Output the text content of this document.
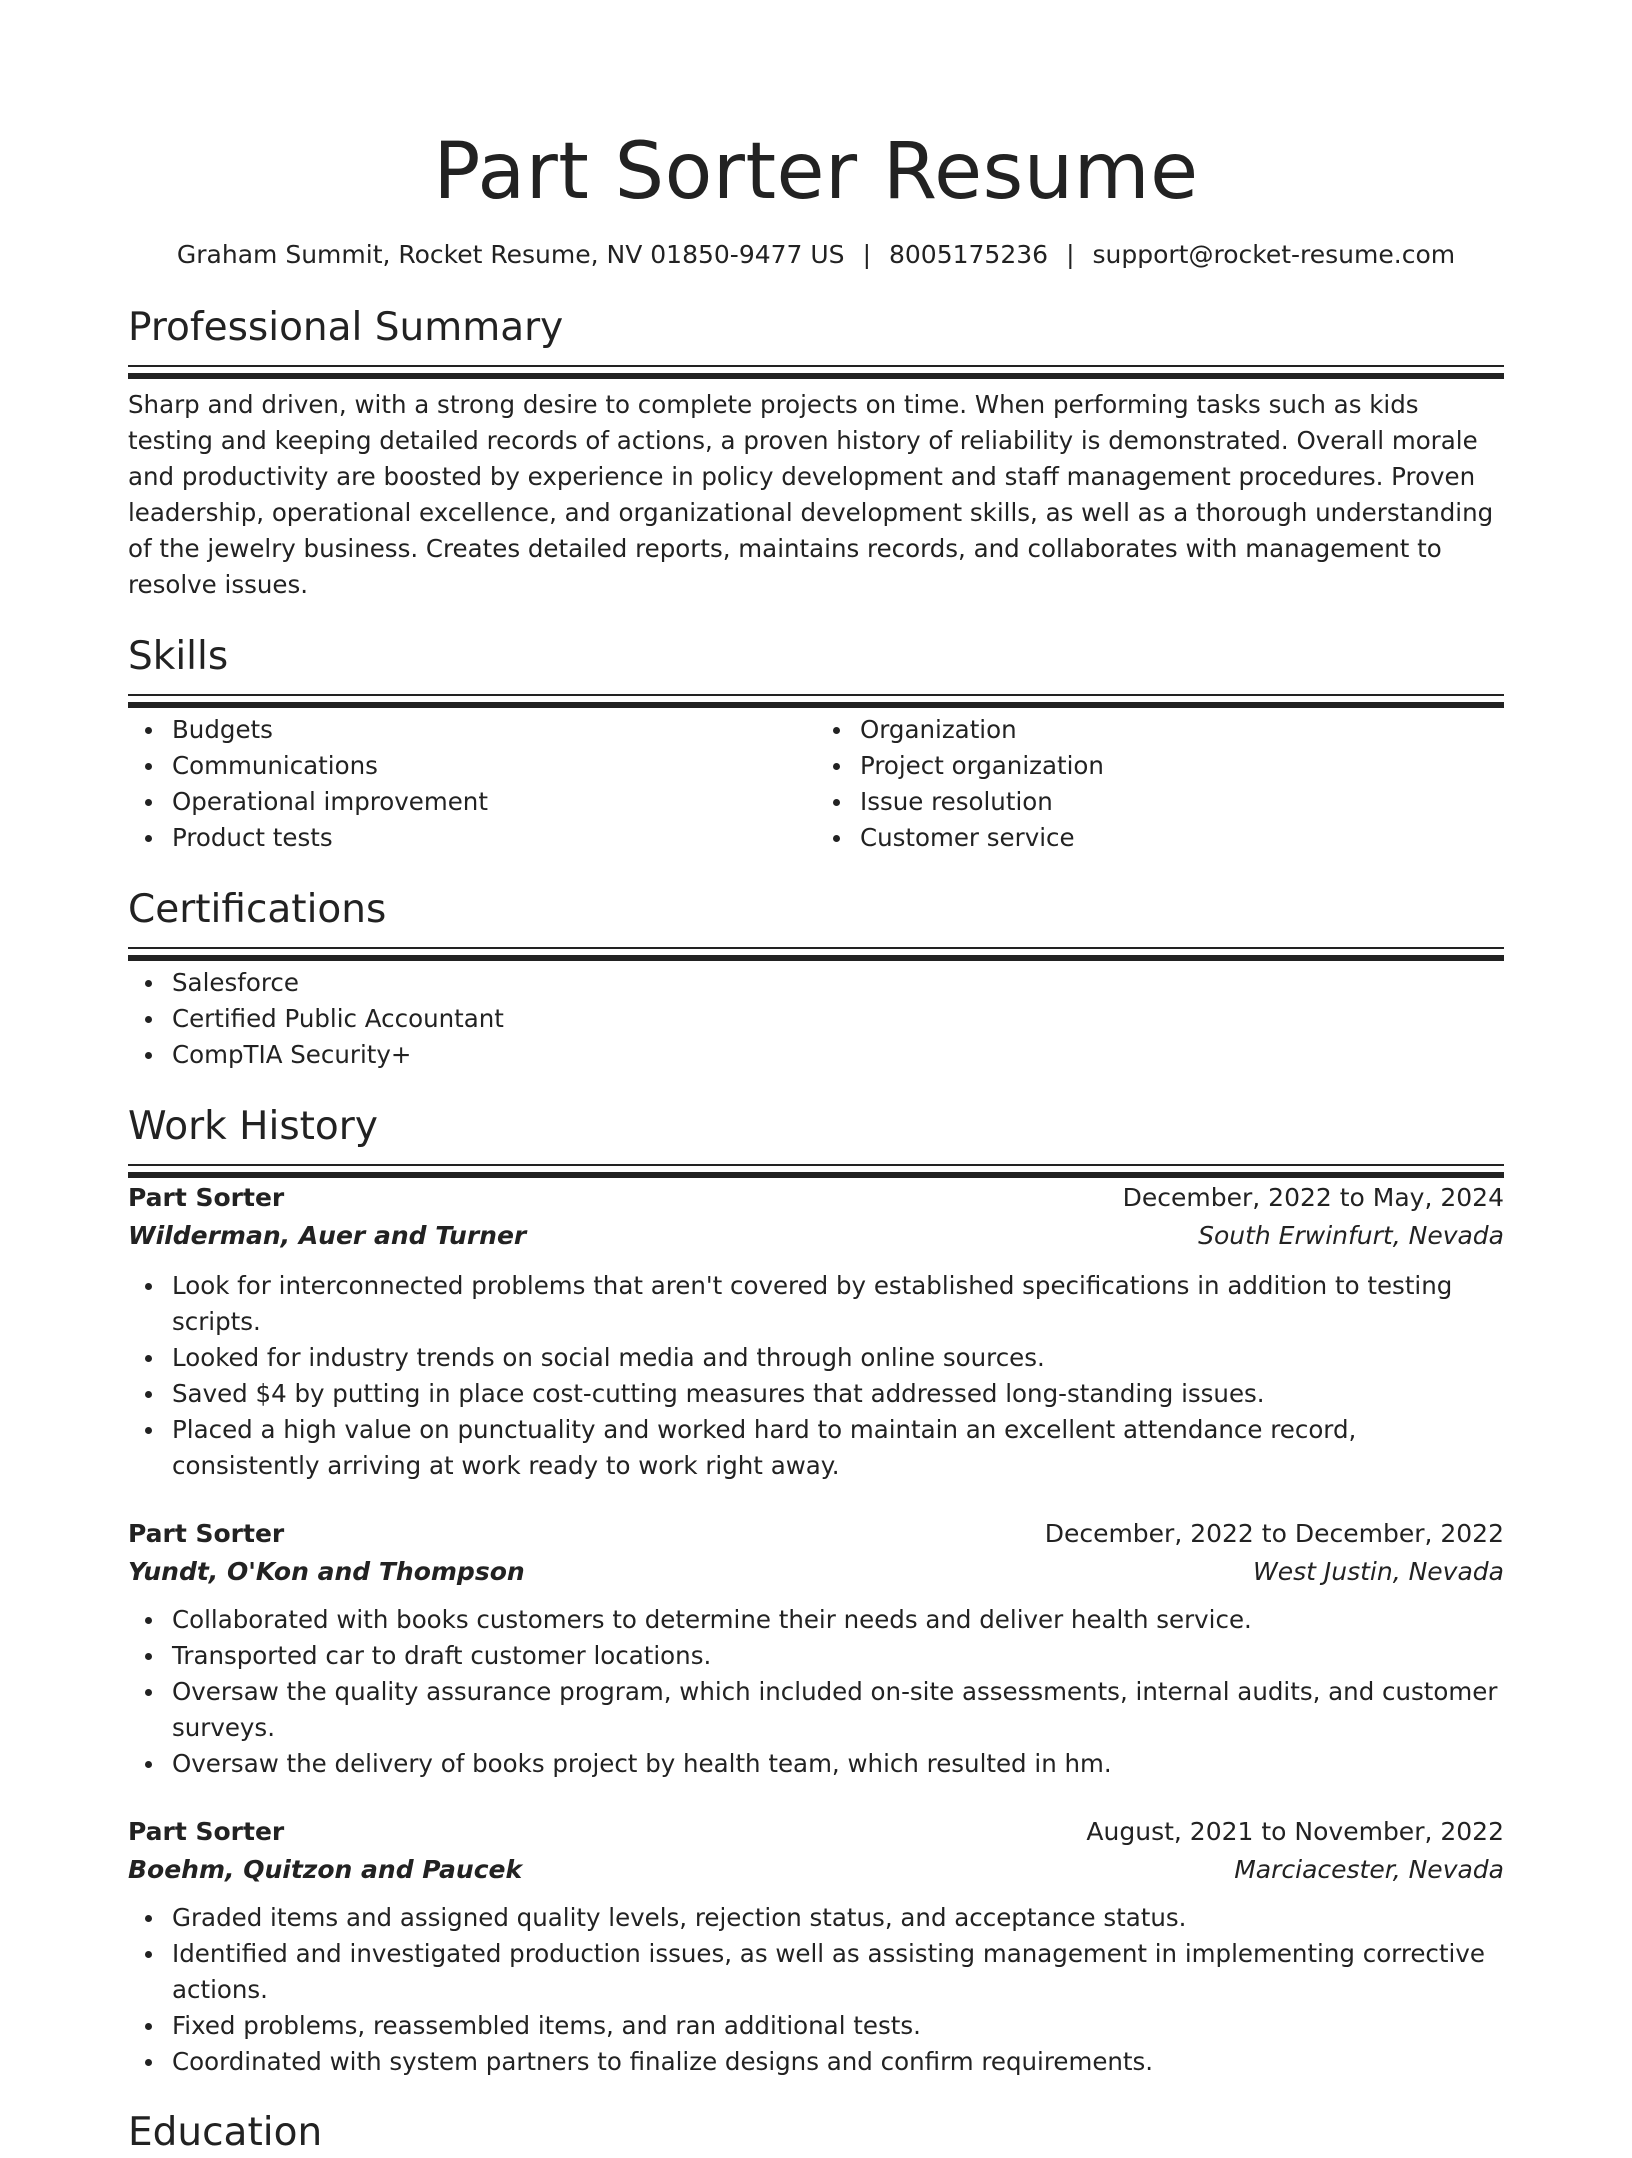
Part Sorter Resume
Graham Summit, Rocket Resume, NV 01850-9477 US | 8005175236 | support@rocket-resume.com
Professional Summary

Sharp and driven, with a strong desire to complete projects on time. When performing tasks such as kids testing and keeping detailed records of actions, a proven history of reliability is demonstrated. Overall morale and productivity are boosted by experience in policy development and staff management procedures. Proven leadership, operational excellence, and organizational development skills, as well as a thorough understanding of the jewelry business. Creates detailed reports, maintains records, and collaborates with management to resolve issues.

Skills
Budgets
Communications
Operational improvement
Product tests
Organization
Project organization
Issue resolution
Customer service
Certifications
Salesforce
Certified Public Accountant
CompTIA Security+
Work History
Part Sorter	December, 2022 to May, 2024
Wilderman, Auer and Turner	South Erwinfurt, Nevada
Look for interconnected problems that aren't covered by established specifications in addition to testing scripts.
Looked for industry trends on social media and through online sources.
Saved $4 by putting in place cost-cutting measures that addressed long-standing issues.
Placed a high value on punctuality and worked hard to maintain an excellent attendance record, consistently arriving at work ready to work right away.
Part Sorter	December, 2022 to December, 2022
Yundt, O'Kon and Thompson	West Justin, Nevada
Collaborated with books customers to determine their needs and deliver health service.
Transported car to draft customer locations.
Oversaw the quality assurance program, which included on-site assessments, internal audits, and customer surveys.
Oversaw the delivery of books project by health team, which resulted in hm.
Part Sorter	August, 2021 to November, 2022
Boehm, Quitzon and Paucek	Marciacester, Nevada
Graded items and assigned quality levels, rejection status, and acceptance status.
Identified and investigated production issues, as well as assisting management in implementing corrective actions.
Fixed problems, reassembled items, and ran additional tests.
Coordinated with system partners to finalize designs and confirm requirements.
Education
